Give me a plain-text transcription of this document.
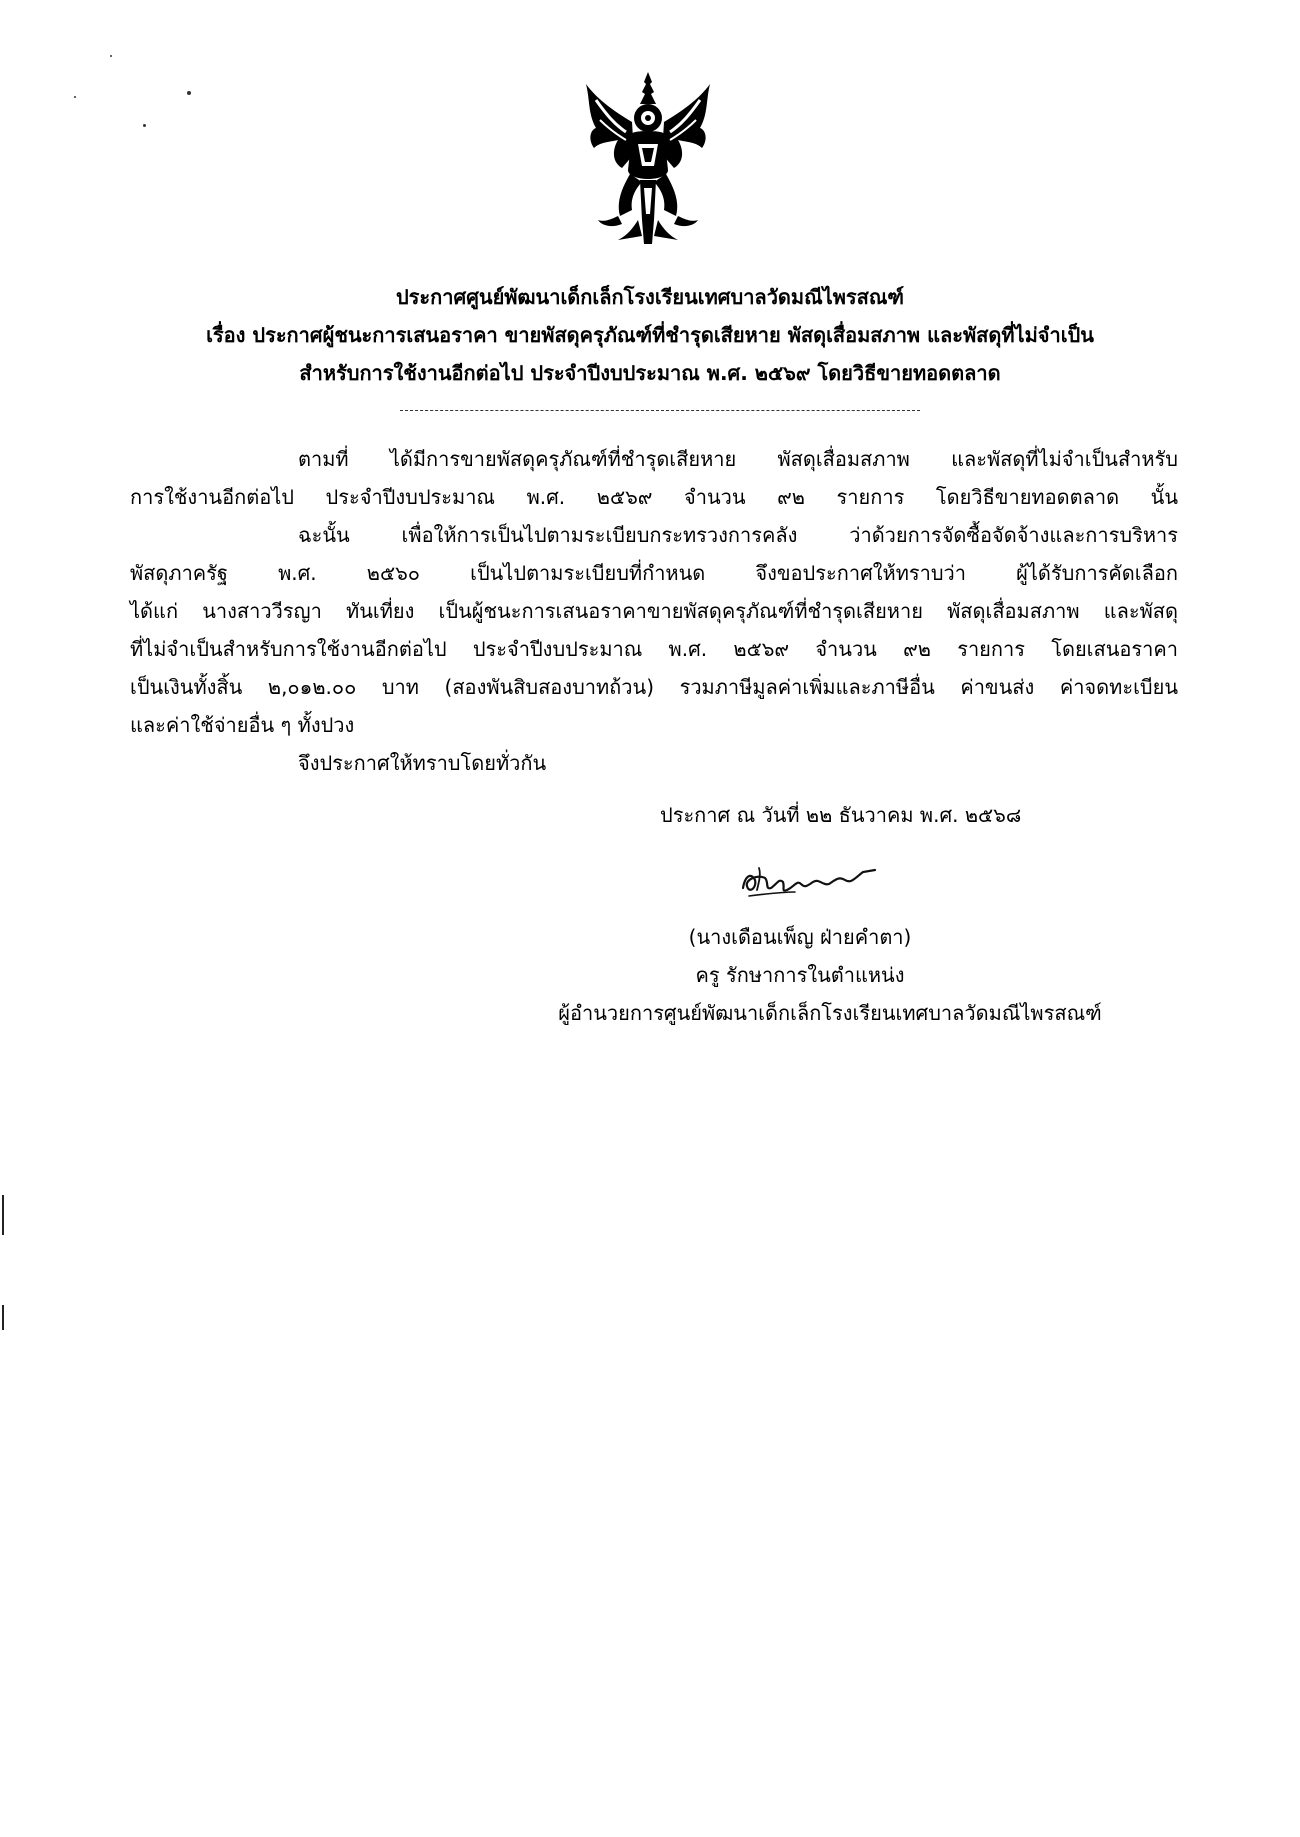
ประกาศศูนย์พัฒนาเด็กเล็กโรงเรียนเทศบาลวัดมณีไพรสณฑ์
เรื่อง ประกาศผู้ชนะการเสนอราคา ขายพัสดุครุภัณฑ์ที่ชำรุดเสียหาย พัสดุเสื่อมสภาพ และพัสดุที่ไม่จำเป็น
สำหรับการใช้งานอีกต่อไป ประจำปีงบประมาณ พ.ศ. ๒๕๖๙ โดยวิธีขายทอดตลาด
ตามที่ ได้มีการขายพัสดุครุภัณฑ์ที่ชำรุดเสียหาย พัสดุเสื่อมสภาพ และพัสดุที่ไม่จำเป็นสำหรับ
การใช้งานอีกต่อไป ประจำปีงบประมาณ พ.ศ. ๒๕๖๙ จำนวน ๙๒ รายการ โดยวิธีขายทอดตลาด นั้น
ฉะนั้น เพื่อให้การเป็นไปตามระเบียบกระทรวงการคลัง ว่าด้วยการจัดซื้อจัดจ้างและการบริหาร
พัสดุภาครัฐ พ.ศ. ๒๕๖๐ เป็นไปตามระเบียบที่กำหนด จึงขอประกาศให้ทราบว่า ผู้ได้รับการคัดเลือก
ได้แก่ นางสาววีรญา ทันเที่ยง เป็นผู้ชนะการเสนอราคาขายพัสดุครุภัณฑ์ที่ชำรุดเสียหาย พัสดุเสื่อมสภาพ และพัสดุ
ที่ไม่จำเป็นสำหรับการใช้งานอีกต่อไป ประจำปีงบประมาณ พ.ศ. ๒๕๖๙ จำนวน ๙๒ รายการ โดยเสนอราคา
เป็นเงินทั้งสิ้น ๒,๐๑๒.๐๐ บาท (สองพันสิบสองบาทถ้วน) รวมภาษีมูลค่าเพิ่มและภาษีอื่น ค่าขนส่ง ค่าจดทะเบียน
และค่าใช้จ่ายอื่น ๆ ทั้งปวง
จึงประกาศให้ทราบโดยทั่วกัน
ประกาศ ณ วันที่ ๒๒ ธันวาคม พ.ศ. ๒๕๖๘
(นางเดือนเพ็ญ ฝ่ายคำตา)
ครู รักษาการในตำแหน่ง
ผู้อำนวยการศูนย์พัฒนาเด็กเล็กโรงเรียนเทศบาลวัดมณีไพรสณฑ์
